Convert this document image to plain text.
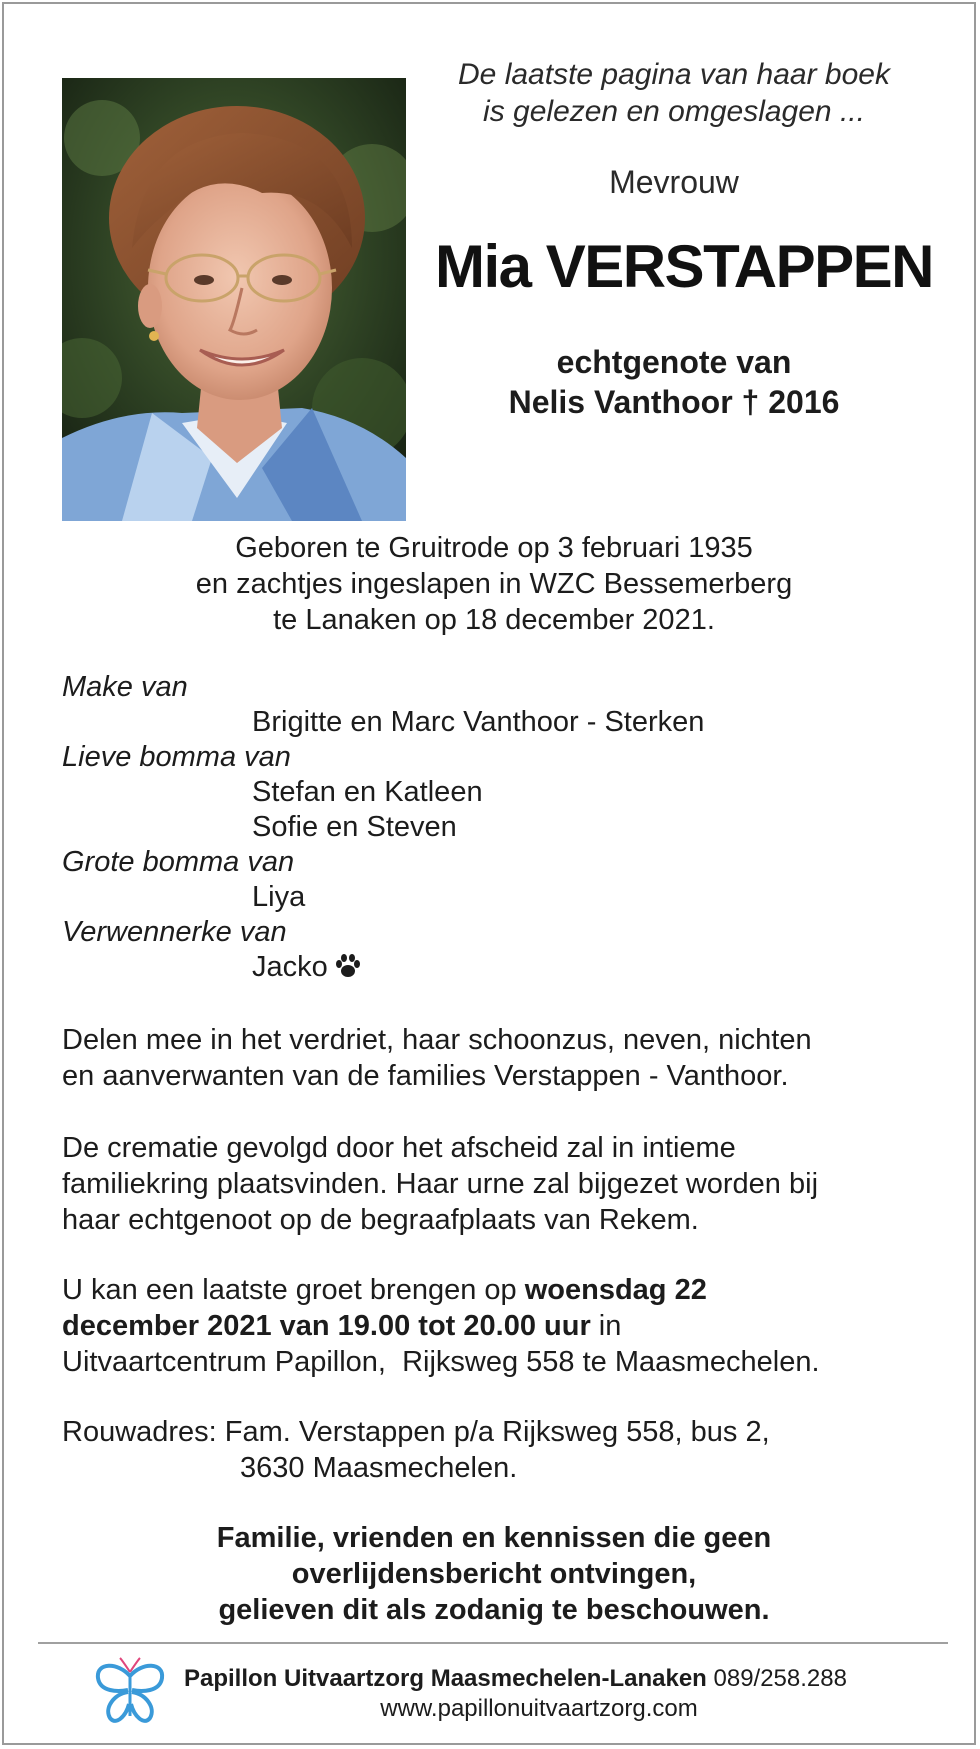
De laatste pagina van haar boek
is gelezen en omgeslagen ...
Mevrouw
Mia VERSTAPPEN
echtgenote van
Nelis Vanthoor † 2016
Geboren te Gruitrode op 3 februari 1935
en zachtjes ingeslapen in WZC Bessemerberg
te Lanaken op 18 december 2021.
Make van
Brigitte en Marc Vanthoor - Sterken
Lieve bomma van
Stefan en Katleen
Sofie en Steven
Grote bomma van
Liya
Verwennerke van
Jacko
Delen mee in het verdriet, haar schoonzus, neven, nichten
en aanverwanten van de families Verstappen - Vanthoor.
De crematie gevolgd door het afscheid zal in intieme
familiekring plaatsvinden. Haar urne zal bijgezet worden bij
haar echtgenoot op de begraafplaats van Rekem.
U kan een laatste groet brengen op woensdag 22
december 2021 van 19.00 tot 20.00 uur in
Uitvaartcentrum Papillon,  Rijksweg 558 te Maasmechelen.
Rouwadres: Fam. Verstappen p/a Rijksweg 558, bus 2,
3630 Maasmechelen.
Familie, vrienden en kennissen die geen
overlijdensbericht ontvingen,
gelieven dit als zodanig te beschouwen.
Papillon Uitvaartzorg Maasmechelen-Lanaken 089/258.288
www.papillonuitvaartzorg.com
